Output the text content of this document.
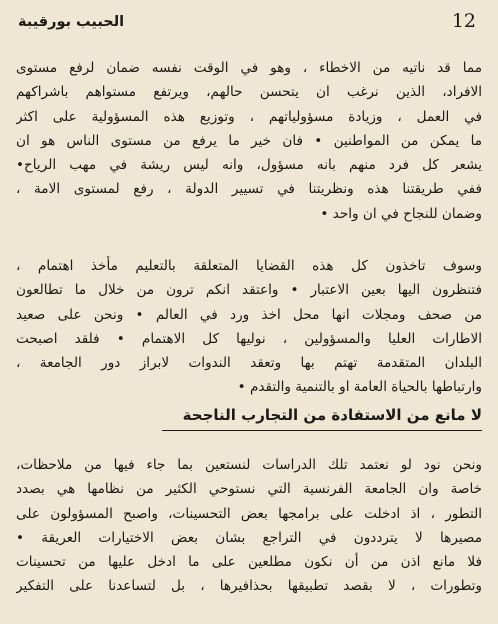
12
الحبيب بورقيبة

مما قد ناتيه من الاخطاء ، وهو في الوقت نفسه ضمان لرفع مستوى
الافراد، الذين نرغب ان يتحسن حالهم، ويرتفع مستواهم باشراكهم
في العمل ، وزيادة مسؤولياتهم ، وتوزيع هذه المسؤولية على اكثر
ما يمكن من المواطنين • فان خير ما يرفع من مستوى الناس هو ان
يشعر كل فرد منهم بانه مسؤول، وانه ليس ريشة في مهب الرياح•
ففي طريقتنا هذه ونظريتنا في تسيير الدولة ، رفع لمستوى الامة ،
وضمان للنجاح في ان واحد •

وسوف تاخذون كل هذه القضايا المتعلقة بالتعليم مأخذ اهتمام ،
فتنظرون اليها بعين الاعتبار • واعتقد انكم ترون من خلال ما تطالعون
من صحف ومجلات انها محل اخذ ورد في العالم • ونحن على صعيد
الاطارات العليا والمسؤولين ، نوليها كل الاهتمام • فلقد اصبحت
البلدان المتقدمة تهتم بها وتعقد الندوات لابراز دور الجامعة ،
وارتباطها بالحياة العامة او بالتنمية والتقدم •

لا مانع من الاستفادة من التجارب الناجحة

ونحن نود لو نعتمد تلك الدراسات لنستعين بما جاء فيها من ملاحظات،
خاصة وان الجامعة الفرنسية التي نستوحي الكثير من نظامها هي بصدد
التطور ، اذ ادخلت على برامجها بعض التحسينات، واصبح المسؤولون على
مصيرها لا يترددون في التراجع بشان بعض الاختيارات العريقة •
فلا مانع اذن من أن نكون مطلعين على ما ادخل عليها من تحسينات
وتطورات ، لا بقصد تطبيقها بحذافيرها ، بل لتساعدنا على التفكير
